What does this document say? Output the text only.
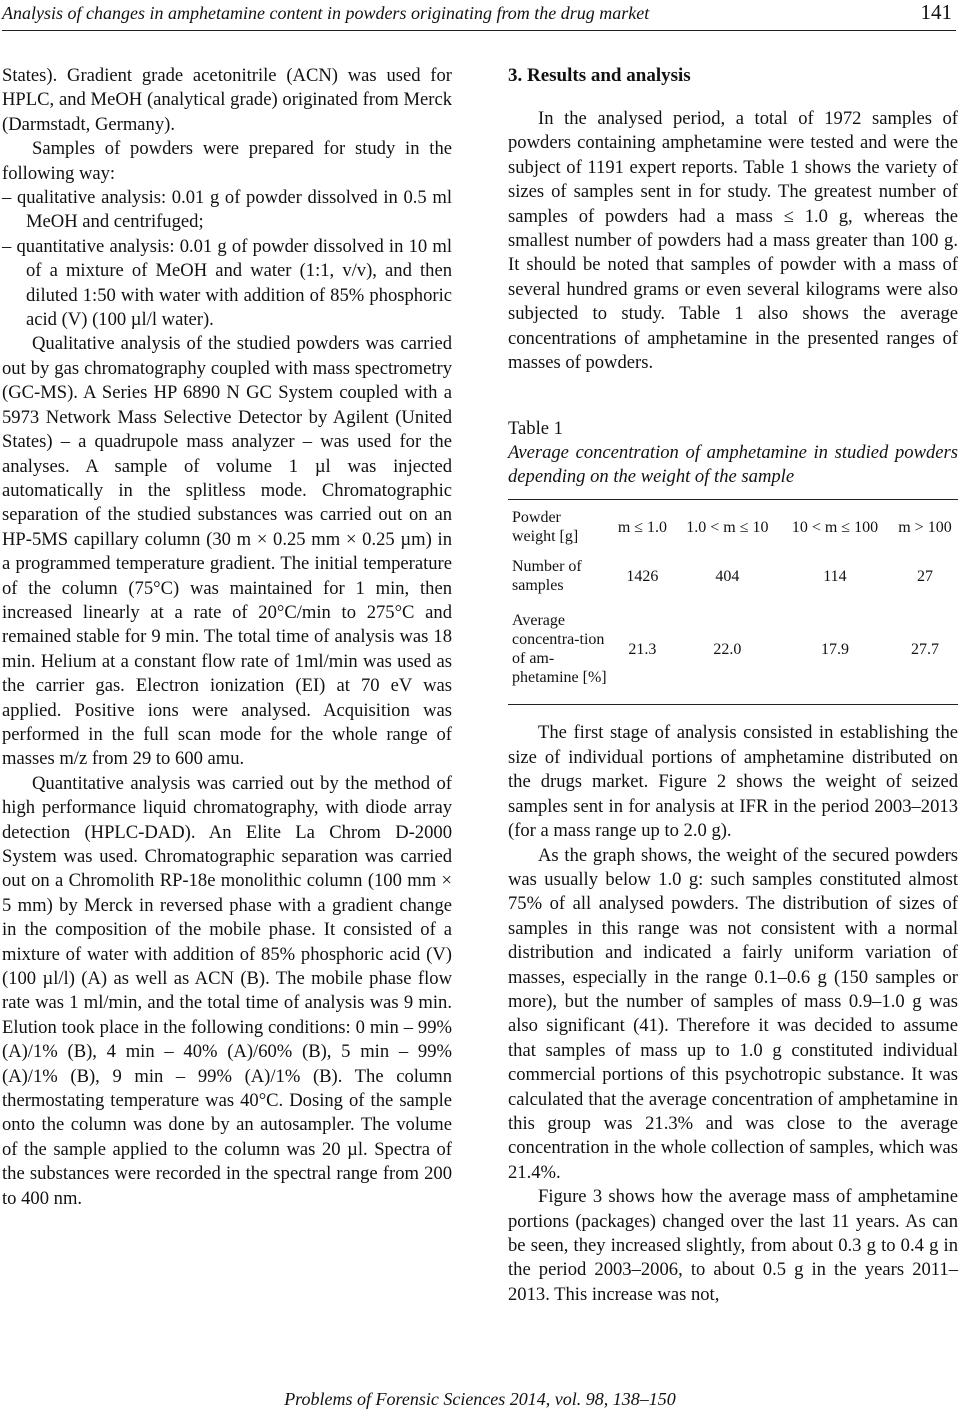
Analysis of changes in amphetamine content in powders originating from the drug market	141

States). Gradient grade acetonitrile (ACN) was used for HPLC, and MeOH (analytical grade) originated from Merck (Darmstadt, Germany).

Samples of powders were prepared for study in the following way:

– qualitative analysis: 0.01 g of powder dissolved in 0.5 ml MeOH and centrifuged;

– quantitative analysis: 0.01 g of powder dissolved in 10 ml of a mixture of MeOH and water (1:1, v/v), and then diluted 1:50 with water with addition of 85% phosphoric acid (V) (100 µl/l water).

Qualitative analysis of the studied powders was carried out by gas chromatography coupled with mass spectrometry (GC-MS). A Series HP 6890 N GC System coupled with a 5973 Network Mass Selective Detector by Agilent (United States) – a quadrupole mass analyzer – was used for the analyses. A sample of volume 1 µl was injected automatically in the splitless mode. Chromatographic separation of the studied substances was carried out on an HP-5MS capillary column (30 m × 0.25 mm × 0.25 µm) in a programmed temperature gradient. The initial temperature of the column (75°C) was maintained for 1 min, then increased linearly at a rate of 20°C/min to 275°C and remained stable for 9 min. The total time of analysis was 18 min. Helium at a constant flow rate of 1ml/min was used as the carrier gas. Electron ionization (EI) at 70 eV was applied. Positive ions were analysed. Acquisition was performed in the full scan mode for the whole range of masses m/z from 29 to 600 amu.

Quantitative analysis was carried out by the method of high performance liquid chromatography, with diode array detection (HPLC-DAD). An Elite La Chrom D-2000 System was used. Chromatographic separation was carried out on a Chromolith RP-18e monolithic column (100 mm × 5 mm) by Merck in reversed phase with a gradient change in the composition of the mobile phase. It consisted of a mixture of water with addition of 85% phosphoric acid (V) (100 µl/l) (A) as well as ACN (B). The mobile phase flow rate was 1 ml/min, and the total time of analysis was 9 min. Elution took place in the following conditions: 0 min – 99% (A)/1% (B), 4 min – 40% (A)/60% (B), 5 min – 99% (A)/1% (B), 9 min – 99% (A)/1% (B). The column thermostating temperature was 40°C. Dosing of the sample onto the column was done by an autosampler. The volume of the sample applied to the column was 20 µl. Spectra of the substances were recorded in the spectral range from 200 to 400 nm.

3. Results and analysis

In the analysed period, a total of 1972 samples of powders containing amphetamine were tested and were the subject of 1191 expert reports. Table 1 shows the variety of sizes of samples sent in for study. The greatest number of samples of powders had a mass ≤ 1.0 g, whereas the smallest number of powders had a mass greater than 100 g. It should be noted that samples of powder with a mass of several hundred grams or even several kilograms were also subjected to study. Table 1 also shows the average concentrations of amphetamine in the presented ranges of masses of powders.

Table 1
Average concentration of amphetamine in studied powders depending on the weight of the sample
Powder weight [g]	m ≤ 1.0	1.0 < m ≤ 10	10 < m ≤ 100	m > 100
Number of samples	1426	404	114	27
Average concentra-tion of am-phetamine [%]	21.3	22.0	17.9	27.7

The first stage of analysis consisted in establishing the size of individual portions of amphetamine distributed on the drugs market. Figure 2 shows the weight of seized samples sent in for analysis at IFR in the period 2003–2013 (for a mass range up to 2.0 g).

As the graph shows, the weight of the secured powders was usually below 1.0 g: such samples constituted almost 75% of all analysed powders. The distribution of sizes of samples in this range was not consistent with a normal distribution and indicated a fairly uniform variation of masses, especially in the range 0.1–0.6 g (150 samples or more), but the number of samples of mass 0.9–1.0 g was also significant (41). Therefore it was decided to assume that samples of mass up to 1.0 g constituted individual commercial portions of this psychotropic substance. It was calculated that the average concentration of amphetamine in this group was 21.3% and was close to the average concentration in the whole collection of samples, which was 21.4%.

Figure 3 shows how the average mass of amphetamine portions (packages) changed over the last 11 years. As can be seen, they increased slightly, from about 0.3 g to 0.4 g in the period 2003–2006, to about 0.5 g in the years 2011–2013. This increase was not,

Problems of Forensic Sciences 2014, vol. 98, 138–150
